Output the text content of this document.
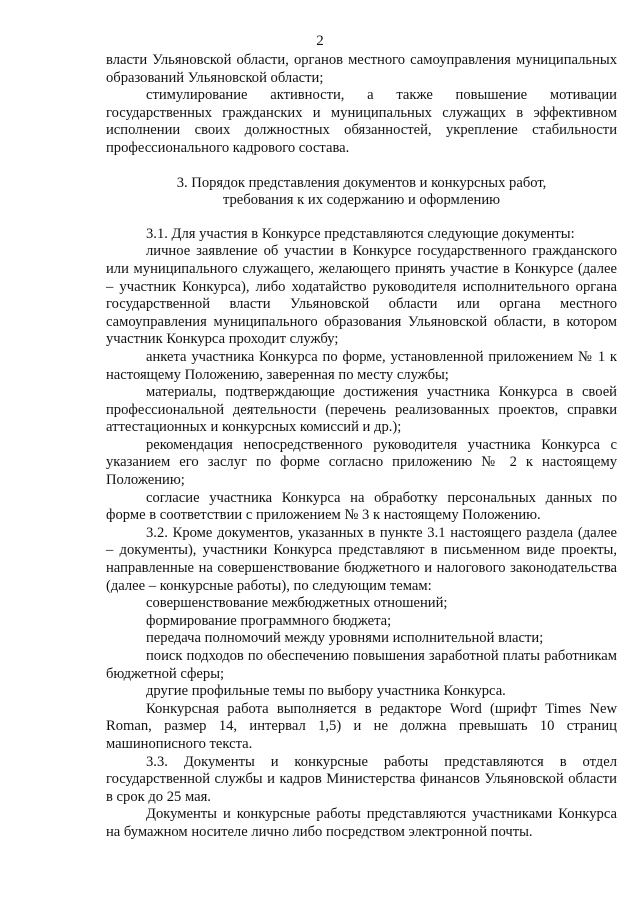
2

власти Ульяновской области, органов местного самоуправления муниципальных образований Ульяновской области;

стимулирование активности, а также повышение мотивации государственных гражданских и муниципальных служащих в эффективном исполнении своих должностных обязанностей, укрепление стабильности профессионального кадрового состава.

3. Порядок представления документов и конкурсных работ,
требования к их содержанию и оформлению

3.1. Для участия в Конкурсе представляются следующие документы:

личное заявление об участии в Конкурсе государственного гражданского или муниципального служащего, желающего принять участие в Конкурсе (далее – участник Конкурса), либо ходатайство руководителя исполнительного органа государственной власти Ульяновской области или органа местного самоуправления муниципального образования Ульяновской области, в котором участник Конкурса проходит службу;

анкета участника Конкурса по форме, установленной приложением № 1 к настоящему Положению, заверенная по месту службы;

материалы, подтверждающие достижения участника Конкурса в своей профессиональной деятельности (перечень реализованных проектов, справки аттестационных и конкурсных комиссий и др.);

рекомендация непосредственного руководителя участника Конкурса с указанием его заслуг по форме согласно приложению № 2 к настоящему Положению;

согласие участника Конкурса на обработку персональных данных по форме в соответствии с приложением № 3 к настоящему Положению.

3.2. Кроме документов, указанных в пункте 3.1 настоящего раздела (далее – документы), участники Конкурса представляют в письменном виде проекты, направленные на совершенствование бюджетного и налогового законодательства (далее – конкурсные работы), по следующим темам:

совершенствование межбюджетных отношений;

формирование программного бюджета;

передача полномочий между уровнями исполнительной власти;

поиск подходов по обеспечению повышения заработной платы работникам бюджетной сферы;

другие профильные темы по выбору участника Конкурса.

Конкурсная работа выполняется в редакторе Word (шрифт Times New Roman, размер 14, интервал 1,5) и не должна превышать 10 страниц машинописного текста.

3.3. Документы и конкурсные работы представляются в отдел государственной службы и кадров Министерства финансов Ульяновской области в срок до 25 мая.

Документы и конкурсные работы представляются участниками Конкурса на бумажном носителе лично либо посредством электронной почты.
